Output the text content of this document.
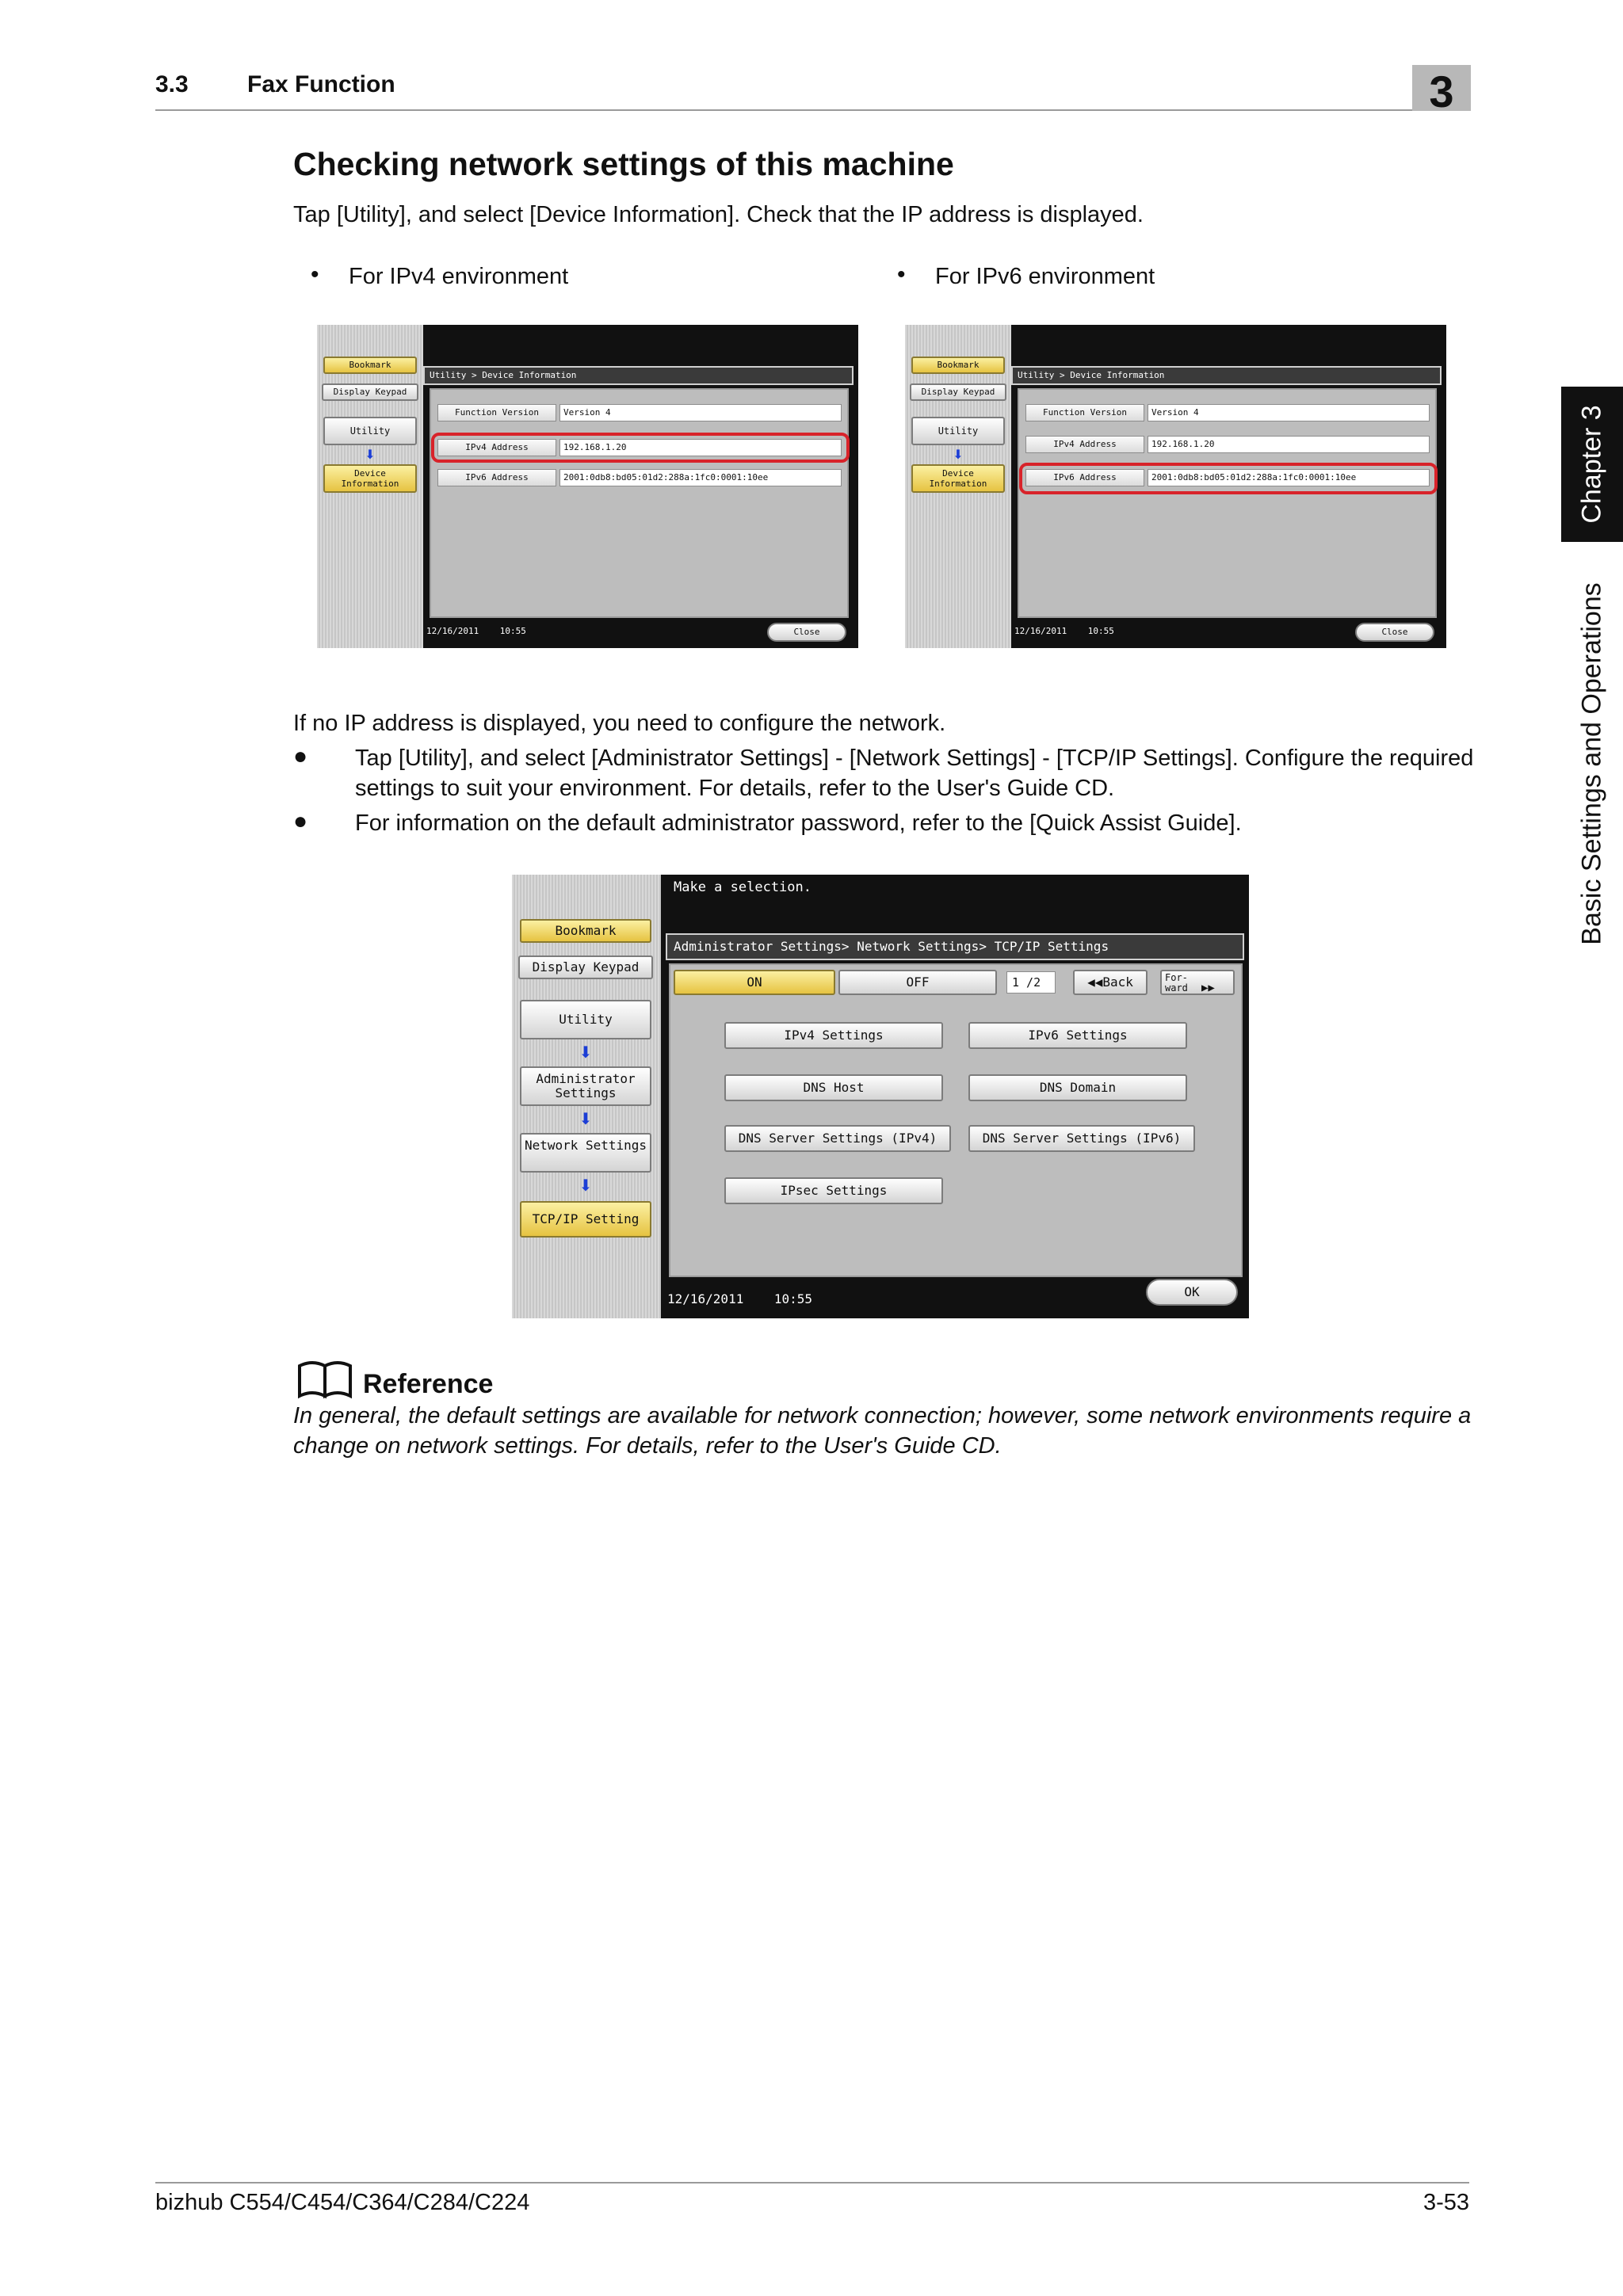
3.3 Fax Function	3
Chapter 3
Basic Settings and Operations
Checking network settings of this machine
Tap [Utility], and select [Device Information]. Check that the IP address is displayed.
• For IPv4 environment	• For IPv6 environment
Bookmark
Display Keypad
Utility
⬇
Device Information
Utility > Device Information
Function Version	Version 4
IPv4 Address	192.168.1.20
IPv6 Address	2001:0db8:bd05:01d2:288a:1fc0:0001:10ee
12/16/2011    10:55	Close
Bookmark
Display Keypad
Utility
⬇
Device Information
Utility > Device Information
Function Version	Version 4
IPv4 Address	192.168.1.20
IPv6 Address	2001:0db8:bd05:01d2:288a:1fc0:0001:10ee
12/16/2011    10:55	Close
If no IP address is displayed, you need to configure the network.
● Tap [Utility], and select [Administrator Settings] - [Network Settings] - [TCP/IP Settings]. Configure the required settings to suit your environment. For details, refer to the User's Guide CD.
● For information on the default administrator password, refer to the [Quick Assist Guide].
Make a selection.
Bookmark
Display Keypad
Utility
⬇
Administrator Settings
⬇
Network Settings
⬇
TCP/IP Setting
Administrator Settings> Network Settings> TCP/IP Settings
ON	OFF	1 /2	◀◀Back	For-ward ▶▶
IPv4 Settings	IPv6 Settings
DNS Host	DNS Domain
DNS Server Settings (IPv4)	DNS Server Settings (IPv6)
IPsec Settings
12/16/2011    10:55	OK
Reference
In general, the default settings are available for network connection; however, some network environments require a change on network settings. For details, refer to the User's Guide CD.
bizhub C554/C454/C364/C284/C224	3-53
